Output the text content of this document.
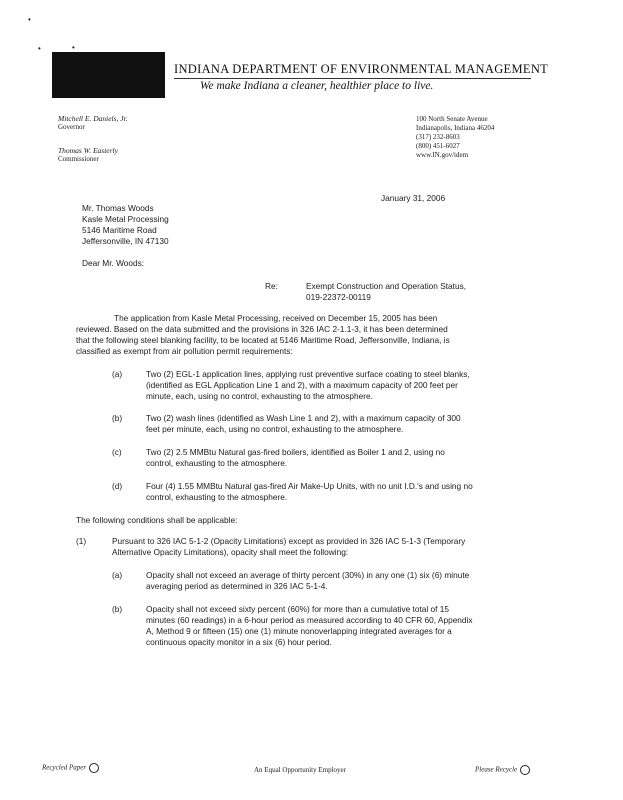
•
•	•
INDIANA DEPARTMENT OF ENVIRONMENTAL MANAGEMENT
We make Indiana a cleaner, healthier place to live.
Mitchell E. Daniels, Jr.
Governor
Thomas W. Easterly
Commissioner
100 North Senate Avenue
Indianapolis, Indiana 46204
(317) 232-8603
(800) 451-6027
www.IN.gov/idem
January 31, 2006
Mr. Thomas Woods
Kasle Metal Processing
5146 Maritime Road
Jeffersonville, IN 47130
Dear Mr. Woods:
Re:	Exempt Construction and Operation Status,
019-22372-00119
The application from Kasle Metal Processing, received on December 15, 2005 has been
reviewed. Based on the data submitted and the provisions in 326 IAC 2-1.1-3, it has been determined
that the following steel blanking facility, to be located at 5146 Maritime Road, Jeffersonville, Indiana, is
classified as exempt from air pollution permit requirements:
(a)	Two (2) EGL-1 application lines, applying rust preventive surface coating to steel blanks,
(identified as EGL Application Line 1 and 2), with a maximum capacity of 200 feet per
minute, each, using no control, exhausting to the atmosphere.
(b)	Two (2) wash lines (identified as Wash Line 1 and 2), with a maximum capacity of 300
feet per minute, each, using no control, exhausting to the atmosphere.
(c)	Two (2) 2.5 MMBtu Natural gas-fired boilers, identified as Boiler 1 and 2, using no
control, exhausting to the atmosphere.
(d)	Four (4) 1.55 MMBtu Natural gas-fired Air Make-Up Units, with no unit I.D.'s and using no
control, exhausting to the atmosphere.
The following conditions shall be applicable:
(1)	Pursuant to 326 IAC 5-1-2 (Opacity Limitations) except as provided in 326 IAC 5-1-3 (Temporary
Alternative Opacity Limitations), opacity shall meet the following:
(a)	Opacity shall not exceed an average of thirty percent (30%) in any one (1) six (6) minute
averaging period as determined in 326 IAC 5-1-4.
(b)	Opacity shall not exceed sixty percent (60%) for more than a cumulative total of 15
minutes (60 readings) in a 6-hour period as measured according to 40 CFR 60, Appendix
A, Method 9 or fifteen (15) one (1) minute nonoverlapping integrated averages for a
continuous opacity monitor in a six (6) hour period.
Recycled Paper	An Equal Opportunity Employer	Please Recycle
